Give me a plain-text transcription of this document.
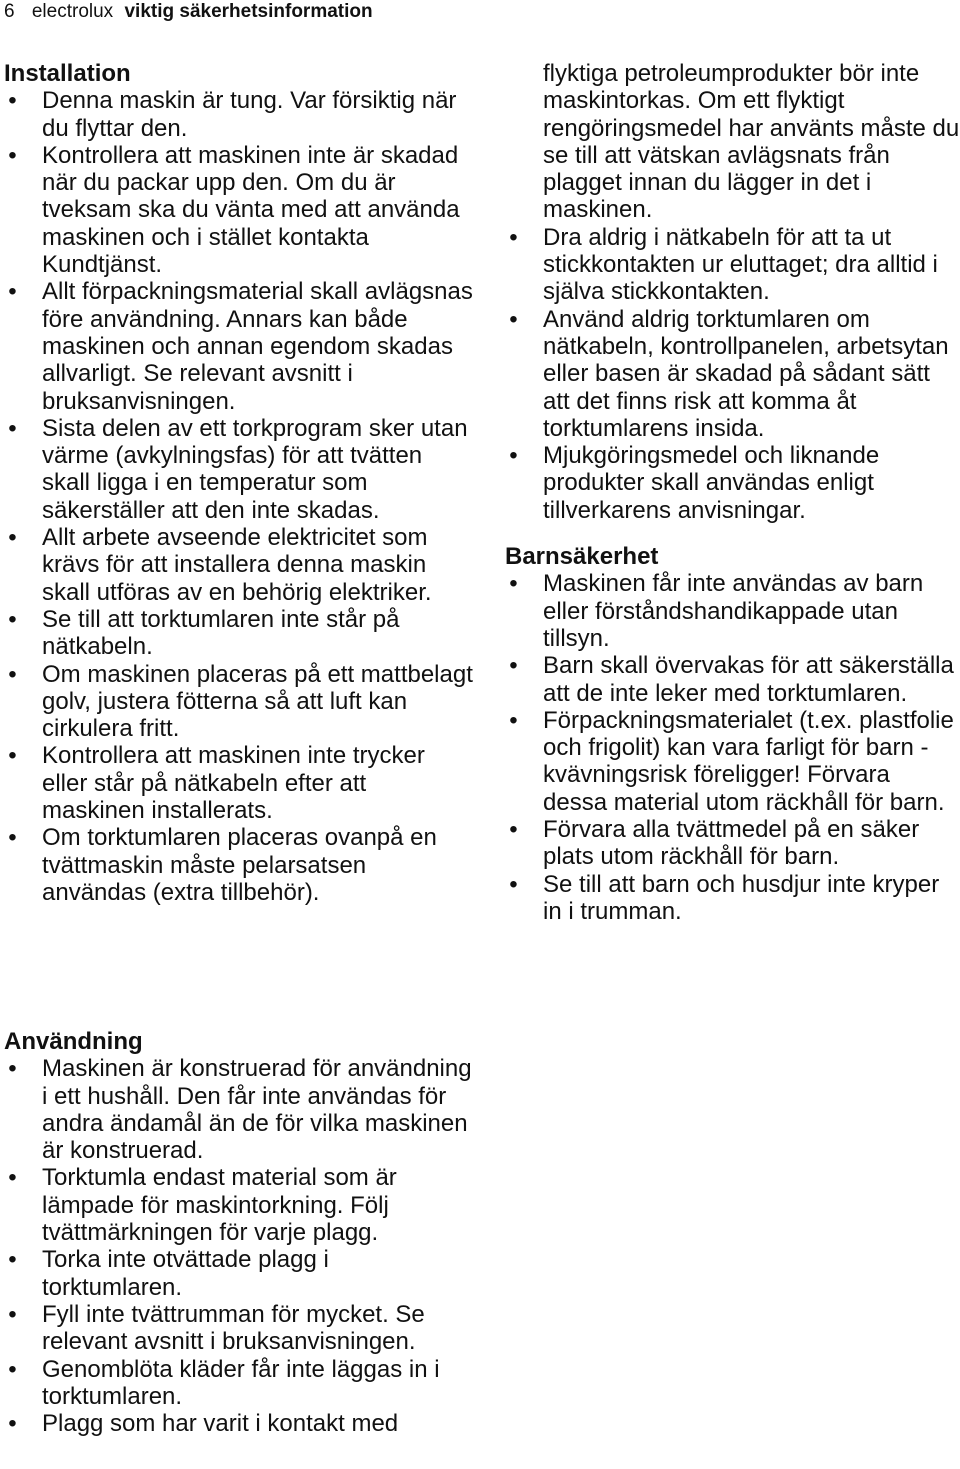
6 electrolux viktig säkerhetsinformation
Installation
• Denna maskin är tung. Var försiktig när du flyttar den.
• Kontrollera att maskinen inte är skadad när du packar upp den. Om du är tveksam ska du vänta med att använda maskinen och i stället kontakta Kundtjänst.
• Allt förpackningsmaterial skall avlägsnas före användning. Annars kan både maskinen och annan egendom skadas allvarligt. Se relevant avsnitt i bruksanvisningen.
• Sista delen av ett torkprogram sker utan värme (avkylningsfas) för att tvätten skall ligga i en temperatur som säkerställer att den inte skadas.
• Allt arbete avseende elektricitet som krävs för att installera denna maskin skall utföras av en behörig elektriker.
• Se till att torktumlaren inte står på nätkabeln.
• Om maskinen placeras på ett mattbelagt golv, justera fötterna så att luft kan cirkulera fritt.
• Kontrollera att maskinen inte trycker eller står på nätkabeln efter att maskinen installerats.
• Om torktumlaren placeras ovanpå en tvättmaskin måste pelarsatsen användas (extra tillbehör).

flyktiga petroleumprodukter bör inte maskintorkas. Om ett flyktigt rengöringsmedel har använts måste du se till att vätskan avlägsnats från plagget innan du lägger in det i maskinen.

• Dra aldrig i nätkabeln för att ta ut stickkontakten ur eluttaget; dra alltid i själva stickkontakten.
• Använd aldrig torktumlaren om nätkabeln, kontrollpanelen, arbetsytan eller basen är skadad på sådant sätt att det finns risk att komma åt torktumlarens insida.
• Mjukgöringsmedel och liknande produkter skall användas enligt tillverkarens anvisningar.
Barnsäkerhet
• Maskinen får inte användas av barn eller förståndshandikappade utan tillsyn.
• Barn skall övervakas för att säkerställa att de inte leker med torktumlaren.
• Förpackningsmaterialet (t.ex. plastfolie och frigolit) kan vara farligt för barn - kvävningsrisk föreligger! Förvara dessa material utom räckhåll för barn.
• Förvara alla tvättmedel på en säker plats utom räckhåll för barn.
• Se till att barn och husdjur inte kryper in i trumman.
Användning
• Maskinen är konstruerad för användning i ett hushåll. Den får inte användas för andra ändamål än de för vilka maskinen är konstruerad.
• Torktumla endast material som är lämpade för maskintorkning. Följ tvättmärkningen för varje plagg.
• Torka inte otvättade plagg i torktumlaren.
• Fyll inte tvättrumman för mycket. Se relevant avsnitt i bruksanvisningen.
• Genomblöta kläder får inte läggas in i torktumlaren.
• Plagg som har varit i kontakt med
